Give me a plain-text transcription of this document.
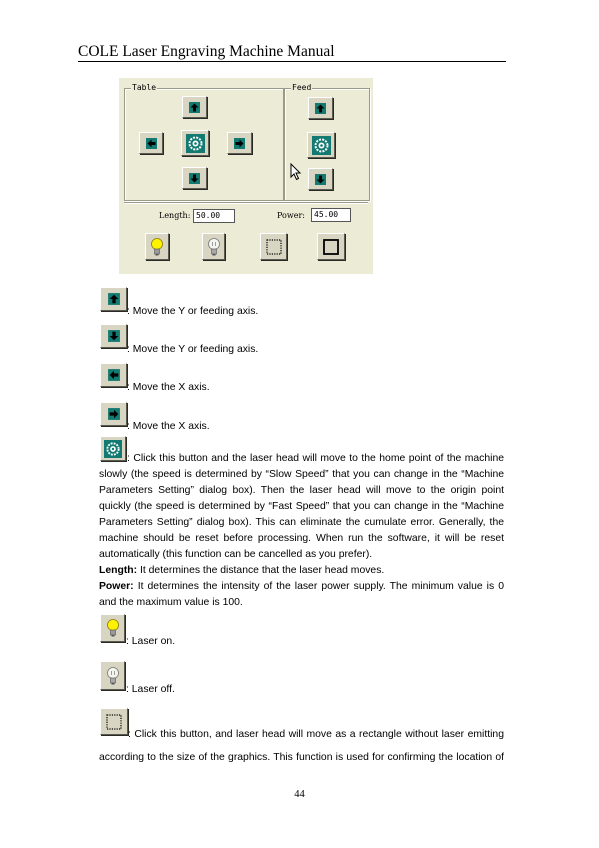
COLE Laser Engraving Machine Manual
Table	Feed
Length: 50.00	Power:	45.00
: Move the Y or feeding axis.
: Move the Y or feeding axis.
: Move the X axis.
: Move the X axis.
: Click this button and the laser head will move to the home point of the machine
slowly (the speed is determined by “Slow Speed” that you can change in the “Machine
Parameters Setting” dialog box). Then the laser head will move to the origin point
quickly (the speed is determined by “Fast Speed” that you can change in the “Machine
Parameters Setting” dialog box). This can eliminate the cumulate error. Generally, the
machine should be reset before processing. When run the software, it will be reset
automatically (this function can be cancelled as you prefer).
Length: It determines the distance that the laser head moves.
Power: It determines the intensity of the laser power supply. The minimum value is 0
and the maximum value is 100.
: Laser on.
: Laser off.
: Click this button, and laser head will move as a rectangle without laser emitting
according to the size of the graphics. This function is used for confirming the location of
44
